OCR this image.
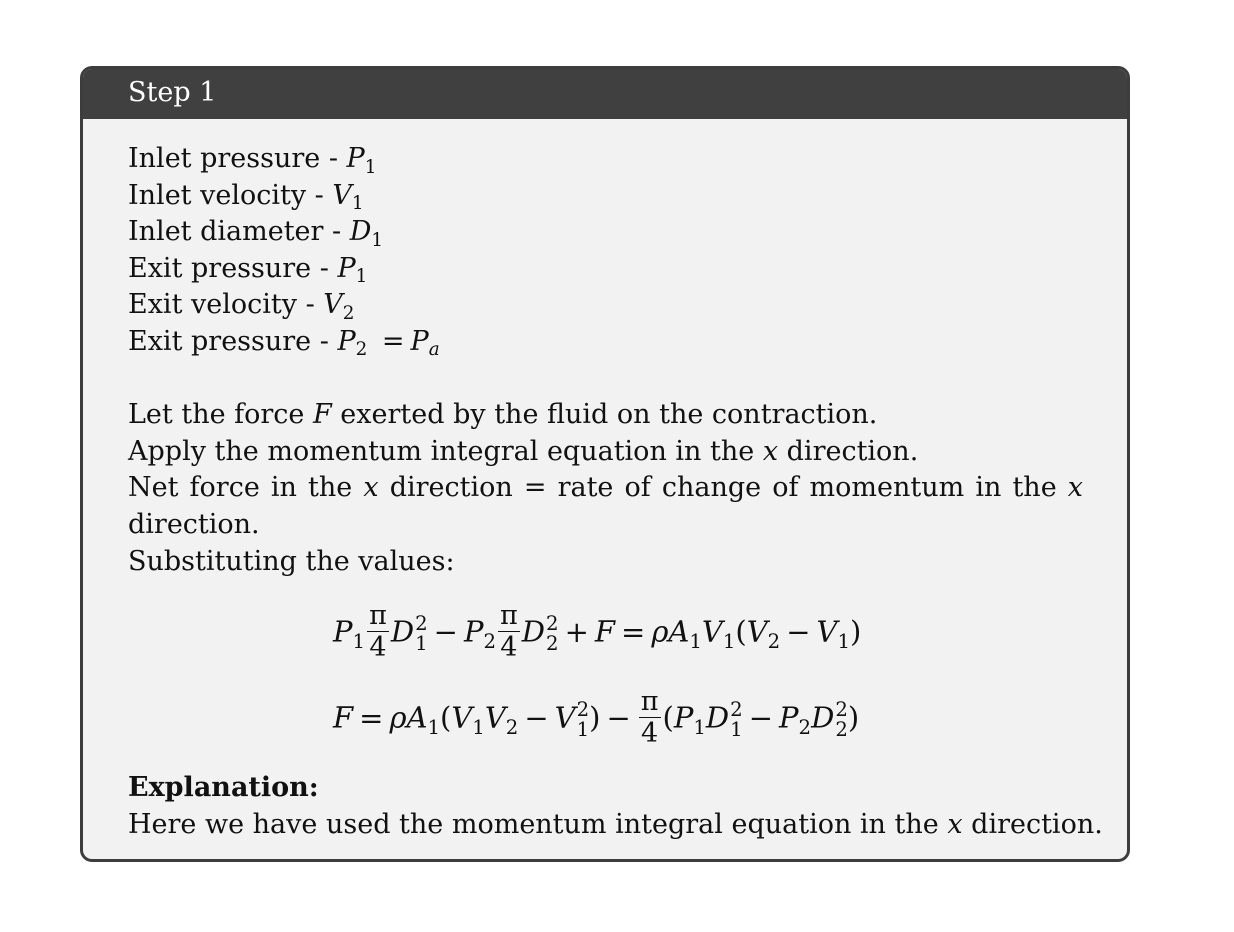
Step 1
Inlet pressure - $P_1$
Inlet velocity - $V_1$
Inlet diameter - $D_1$
Exit pressure - $P_1$
Exit velocity - $V_2$
Exit pressure - $P_2 = P_a$
Let the force F exerted by the fluid on the contraction.
Apply the momentum integral equation in the x direction.
Net force in the x direction = rate of change of momentum in the x
direction.
Substituting the values:
$P_1 \frac{\pi}{4}$ D 2
$1 - P_2 \frac{\pi}{4}$ D 2
$2 + F = \rho A_1V_1(V_2 - V_1)$
$F = \rho A_1(V_1V_2 - V$ 2
1 ) − $\frac{\pi}{4} (P_1D$ 2
$1 - P_2D$ 2
2 )
Explanation:
Here we have used the momentum integral equation in the x direction.
